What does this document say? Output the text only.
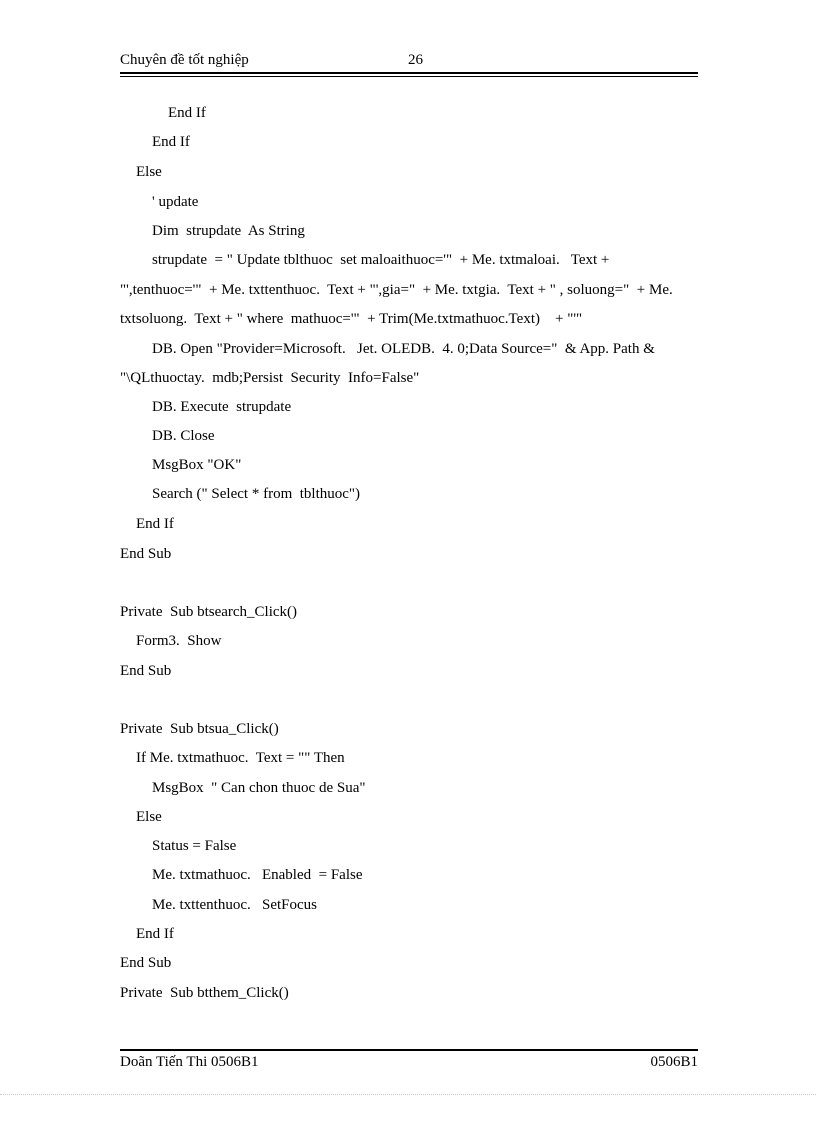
Chuyên đề tốt nghiệp	26
End If
End If
Else
' update
Dim  strupdate  As String
strupdate  = " Update tblthuoc  set maloaithuoc='"  + Me. txtmaloai.   Text +
"',tenthuoc='"  + Me. txttenthuoc.  Text + "',gia="  + Me. txtgia.  Text + " , soluong="  + Me.
txtsoluong.  Text + " where  mathuoc='"  + Trim(Me.txtmathuoc.Text)    + "'"
DB. Open "Provider=Microsoft.   Jet. OLEDB.  4. 0;Data Source="  & App. Path &
"\QLthuoctay.  mdb;Persist  Security  Info=False"
DB. Execute  strupdate
DB. Close
MsgBox "OK"
Search (" Select * from  tblthuoc")
End If
End Sub
Private  Sub btsearch_Click()
Form3.  Show
End Sub
Private  Sub btsua_Click()
If Me. txtmathuoc.  Text = "" Then
MsgBox  " Can chon thuoc de Sua"
Else
Status = False
Me. txtmathuoc.   Enabled  = False
Me. txttenthuoc.   SetFocus
End If
End Sub
Private  Sub btthem_Click()
Doãn Tiến Thi 0506B1	0506B1
